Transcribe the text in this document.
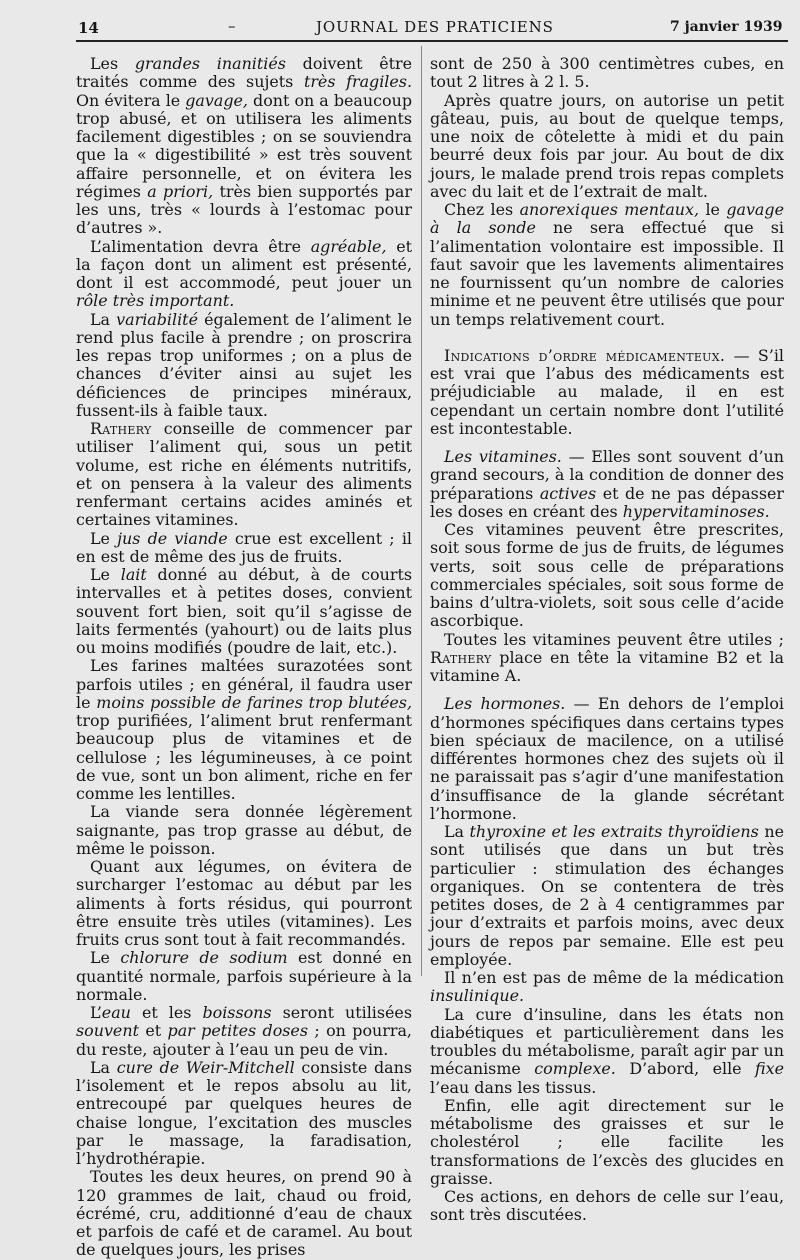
14	–	JOURNAL DES PRATICIENS	7 janvier 1939

Les grandes inanitiés doivent être traités comme des sujets très fragiles. On évitera le gavage, dont on a beaucoup trop abusé, et on utilisera les aliments facilement digestibles ; on se souviendra que la « digestibilité » est très souvent affaire personnelle, et on évitera les régimes a priori, très bien supportés par les uns, très « lourds à l’estomac pour d’autres ».

L’alimentation devra être agréable, et la façon dont un aliment est présenté, dont il est accommodé, peut jouer un rôle très important.

La variabilité également de l’aliment le rend plus facile à prendre ; on proscrira les repas trop uniformes ; on a plus de chances d’éviter ainsi au sujet les déficiences de principes minéraux, fussent-ils à faible taux.

Rathery conseille de commencer par utiliser l’aliment qui, sous un petit volume, est riche en éléments nutritifs, et on pensera à la valeur des aliments renfermant certains acides aminés et certaines vitamines.

Le jus de viande crue est excellent ; il en est de même des jus de fruits.

Le lait donné au début, à de courts intervalles et à petites doses, convient souvent fort bien, soit qu’il s’agisse de laits fermentés (yahourt) ou de laits plus ou moins modifiés (poudre de lait, etc.).

Les farines maltées surazotées sont parfois utiles ; en général, il faudra user le moins possible de farines trop blutées, trop purifiées, l’aliment brut renfermant beaucoup plus de vitamines et de cellulose ; les légumineuses, à ce point de vue, sont un bon aliment, riche en fer comme les lentilles.

La viande sera donnée légèrement saignante, pas trop grasse au début, de même le poisson.

Quant aux légumes, on évitera de surcharger l’estomac au début par les aliments à forts résidus, qui pourront être ensuite très utiles (vitamines). Les fruits crus sont tout à fait recommandés.

Le chlorure de sodium est donné en quantité normale, parfois supérieure à la normale.

L’eau et les boissons seront utilisées souvent et par petites doses ; on pourra, du reste, ajouter à l’eau un peu de vin.

La cure de Weir-Mitchell consiste dans l’isolement et le repos absolu au lit, entrecoupé par quelques heures de chaise longue, l’excitation des muscles par le massage, la faradisation, l’hydrothérapie.

Toutes les deux heures, on prend 90 à 120 grammes de lait, chaud ou froid, écrémé, cru, additionné d’eau de chaux et parfois de café et de caramel. Au bout de quelques jours, les prises

sont de 250 à 300 centimètres cubes, en tout 2 litres à 2 l. 5.

Après quatre jours, on autorise un petit gâteau, puis, au bout de quelque temps, une noix de côtelette à midi et du pain beurré deux fois par jour. Au bout de dix jours, le malade prend trois repas complets avec du lait et de l’extrait de malt.

Chez les anorexiques mentaux, le gavage à la sonde ne sera effectué que si l’alimentation volontaire est impossible. Il faut savoir que les lavements alimentaires ne fournissent qu’un nombre de calories minime et ne peuvent être utilisés que pour un temps relativement court.

Indications d’ordre médicamenteux. — S’il est vrai que l’abus des médicaments est préjudiciable au malade, il en est cependant un certain nombre dont l’utilité est incontestable.

Les vitamines. — Elles sont souvent d’un grand secours, à la condition de donner des préparations actives et de ne pas dépasser les doses en créant des hypervitaminoses.

Ces vitamines peuvent être prescrites, soit sous forme de jus de fruits, de légumes verts, soit sous celle de préparations commerciales spéciales, soit sous forme de bains d’ultra-violets, soit sous celle d’acide ascorbique.

Toutes les vitamines peuvent être utiles ; Rathery place en tête la vitamine B2 et la vitamine A.

Les hormones. — En dehors de l’emploi d’hormones spécifiques dans certains types bien spéciaux de macilence, on a utilisé différentes hormones chez des sujets où il ne paraissait pas s’agir d’une manifestation d’insuffisance de la glande sécrétant l’hormone.

La thyroxine et les extraits thyroïdiens ne sont utilisés que dans un but très particulier : stimulation des échanges organiques. On se contentera de très petites doses, de 2 à 4 centigrammes par jour d’extraits et parfois moins, avec deux jours de repos par semaine. Elle est peu employée.

Il n’en est pas de même de la médication insulinique.

La cure d’insuline, dans les états non diabétiques et particulièrement dans les troubles du métabolisme, paraît agir par un mécanisme complexe. D’abord, elle fixe l’eau dans les tissus.

Enfin, elle agit directement sur le métabolisme des graisses et sur le cholestérol ; elle facilite les transformations de l’excès des glucides en graisse.

Ces actions, en dehors de celle sur l’eau, sont très discutées.
